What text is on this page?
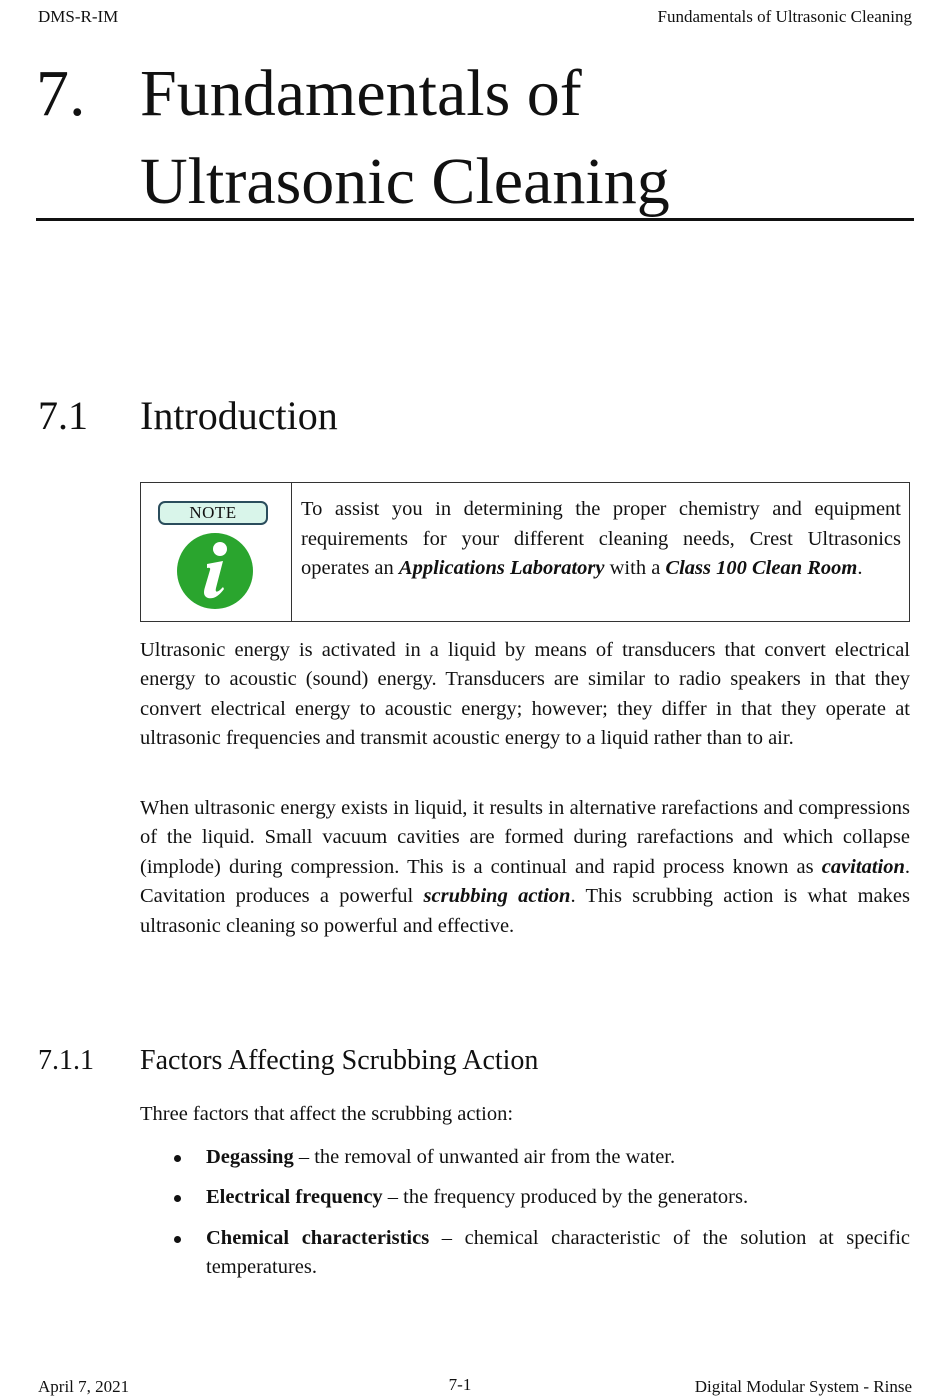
DMS-R-IM	Fundamentals of Ultrasonic Cleaning
7. Fundamentals of
Ultrasonic Cleaning
7.1 Introduction
NOTE	To assist you in determining the proper chemistry and equipment requirements for your different cleaning needs, Crest Ultrasonics operates an Applications Laboratory with a Class 100 Clean Room.

Ultrasonic energy is activated in a liquid by means of transducers that convert electrical energy to acoustic (sound) energy. Transducers are similar to radio speakers in that they convert electrical energy to acoustic energy; however; they differ in that they operate at ultrasonic frequencies and transmit acoustic energy to a liquid rather than to air.

When ultrasonic energy exists in liquid, it results in alternative rarefactions and compressions of the liquid. Small vacuum cavities are formed during rarefactions and which collapse (implode) during compression. This is a continual and rapid process known as cavitation. Cavitation produces a powerful scrubbing action. This scrubbing action is what makes ultrasonic cleaning so powerful and effective.

7.1.1 Factors Affecting Scrubbing Action
Three factors that affect the scrubbing action:
Degassing – the removal of unwanted air from the water.
Electrical frequency – the frequency produced by the generators.
Chemical characteristics – chemical characteristic of the solution at specific temperatures.
April 7, 2021	7-1	Digital Modular System - Rinse
